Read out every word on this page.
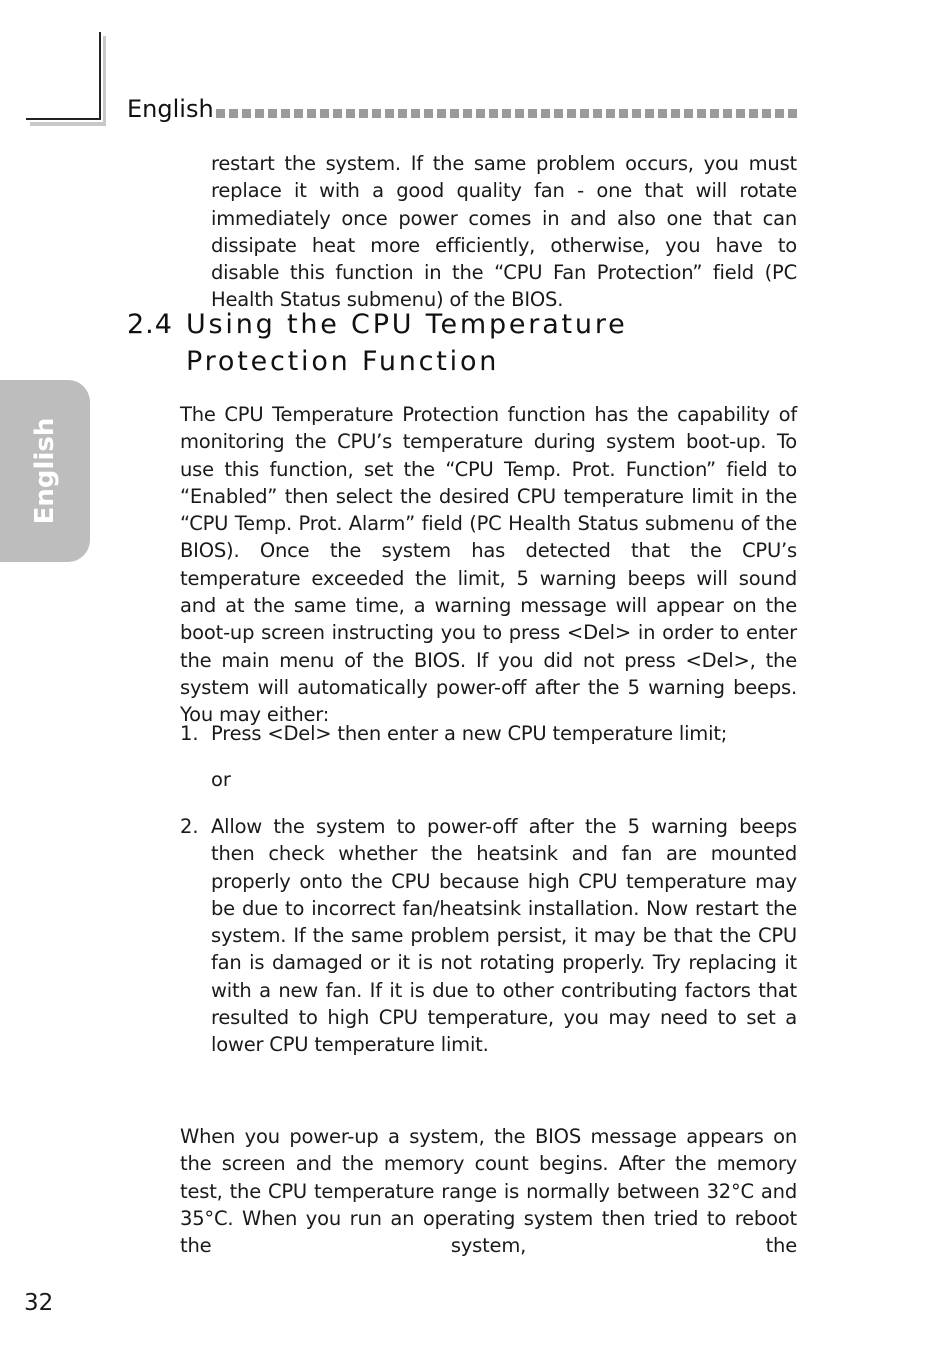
English
English

restart the system. If the same problem occurs, you must replace it with a good quality fan - one that will rotate immediately once power comes in and also one that can dissipate heat more efficiently, otherwise, you have to disable this function in the “CPU Fan Protection” field (PC Health Status submenu) of the BIOS.

2.4 Using the CPU Temperature Protection Function

The CPU Temperature Protection function has the capability of monitoring the CPU’s temperature during system boot-up. To use this function, set the “CPU Temp. Prot. Function” field to “Enabled” then select the desired CPU temperature limit in the “CPU Temp. Prot. Alarm” field (PC Health Status submenu of the BIOS). Once the system has detected that the CPU’s temperature exceeded the limit, 5 warning beeps will sound and at the same time, a warning message will appear on the boot-up screen instructing you to press <Del> in order to enter the main menu of the BIOS. If you did not press <Del>, the system will automatically power-off after the 5 warning beeps. You may either:

1. Press <Del> then enter a new CPU temperature limit;

or

2. Allow the system to power-off after the 5 warning beeps then check whether the heatsink and fan are mounted properly onto the CPU because high CPU temperature may be due to incorrect fan/heatsink installation. Now restart the system. If the same problem persist, it may be that the CPU fan is damaged or it is not rotating properly. Try replacing it with a new fan. If it is due to other contributing factors that resulted to high CPU temperature, you may need to set a lower CPU temperature limit.

When you power-up a system, the BIOS message appears on the screen and the memory count begins. After the memory test, the CPU temperature range is normally between 32°C and 35°C. When you run an operating system then tried to reboot the system, the

32
